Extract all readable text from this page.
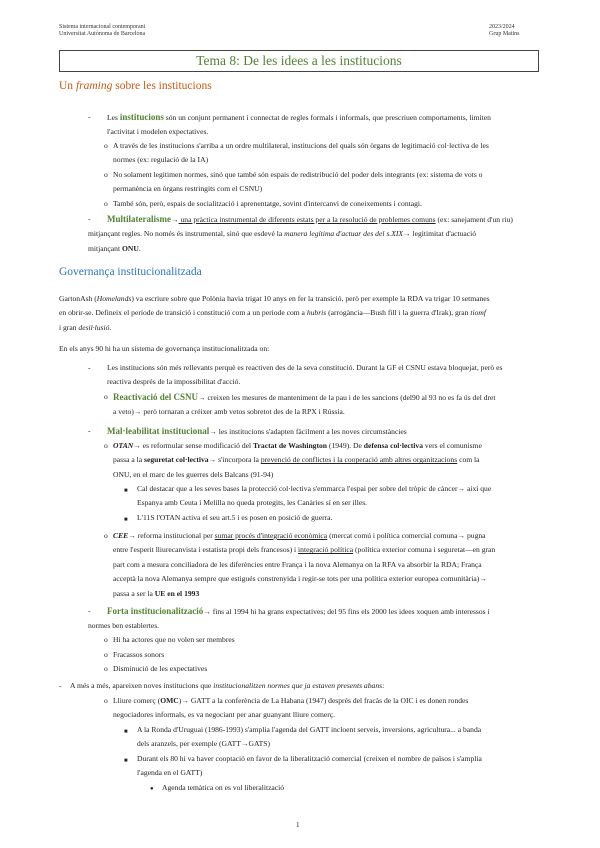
Sistema internacional contemporani
Universitat Autònoma de Barcelona
2023/2024
Grup Matins
Tema 8: De les idees a les institucions
Un framing sobre les institucions
- Les institucions són un conjunt permanent i connectat de regles formals i informals, que prescriuen comportaments, limiten
l'activitat i modelen expectatives.
o A través de les institucions s'arriba a un ordre multilateral, institucions del quals són òrgans de legitimació col·lectiva de les
normes (ex: regulació de la IA)
o No solament legitimen normes, sinó que també són espais de redistribució del poder dels integrants (ex: sistema de vots o
permanència en òrgans restringits com el CSNU)
o També són, però, espais de socialització i aprenentatge, sovint d'intercanvi de coneixements i contagi.
-	Multilateralisme→ una pràctica instrumental de diferents estats per a la resolució de problemes comuns (ex: sanejament d'un riu)
mitjançant regles. No només és instrumental, sinó que esdevé la manera legítima d'actuar des del s.XIX→ legitimitat d'actuació
mitjançant ONU.
Governança institucionalitzada
GartonAsh (Homelands) va escriure sobre que Polònia havia trigat 10 anys en fer la transició, però per exemple la RDA va trigar 10 setmanes
en obrir-se. Defineix el període de transició i constitució com a un període com a hubris (arrogància—Bush fill i la guerra d'Irak), gran tiomf
i gran desil·lusió.
En els anys 90 hi ha un sistema de governança institucionalitzada on:
- Les institucions són més rellevants perquè es reactiven des de la seva constitució. Durant la GF el CSNU estava bloquejat, però es
reactiva després de la impossibilitat d'acció.
o Reactivació del CSNU→ creixen les mesures de manteniment de la pau i de les sancions (del90 al 93 no es fa ús del dret
a veto)→ però tornaran a créixer amb vetos sobretot des de la RPX i Rússia.
- Mal·leabilitat institucional→ les institucions s'adapten fàcilment a les noves circumstàncies
o OTAN→ es reformular sense modificació del Tractat de Washington (1949). De defensa col·lectiva vers el comunisme
passa a la seguretat col·lectiva→ s'incorpora la prevenció de conflictes i la cooperació amb altres organitzacions com la
ONU, en el marc de les guerres dels Balcans (91-94)
■ Cal destacar que a les seves bases la protecció col·lectiva s'emmarca l'espai per sobre del tròpic de càncer→ així que
Espanya amb Ceuta i Melilla no queda protegits, les Canàries sí en ser illes.
■ L'11S l'OTAN activa el seu art.5 i es posen en posició de guerra.
o CEE→ reforma institucional per sumar procés d'integració econòmica (mercat comú i política comercial comuna→ pugna
entre l'esperit lliurecanvista i estatista propi dels francesos) i integració política (política exterior comuna i seguretat—en gran
part com a mesura conciliadora de les diferències entre França i la nova Alemanya on la RFA va absorbir la RDA; França
acceptà la nova Alemanya sempre que estigués constrenyida i regir-se tots per una política exterior europea comunitària)→
passa a ser la UE en el 1993
-	Forta institucionalització→ fins al 1994 hi ha grans expectatives; del 95 fins els 2000 les idees xoquen amb interessos i
normes ben establertes.
o Hi ha actores que no volen ser membres
o Fracassos sonors
o Disminució de les expectatives
- A més a més, apareixen noves institucions que institucionalitzen normes que ja estaven presents abans:
o Lliure comerç (OMC)→ GATT a la conferència de La Habana (1947) després del fracàs de la OIC i es donen rondes
negociadores informals, es va negociant per anar guanyant lliure comerç.
■ A la Ronda d'Uruguai (1986-1993) s'amplia l'agenda del GATT incloent serveis, inversions, agricultura... a banda
dels aranzels, per exemple (GATT→GATS)
■ Durant els 80 hi va haver cooptació en favor de la liberalització comercial (creixen el nombre de països i s'amplia
l'agenda en el GATT)
● Agenda temàtica on es vol liberalització
1
